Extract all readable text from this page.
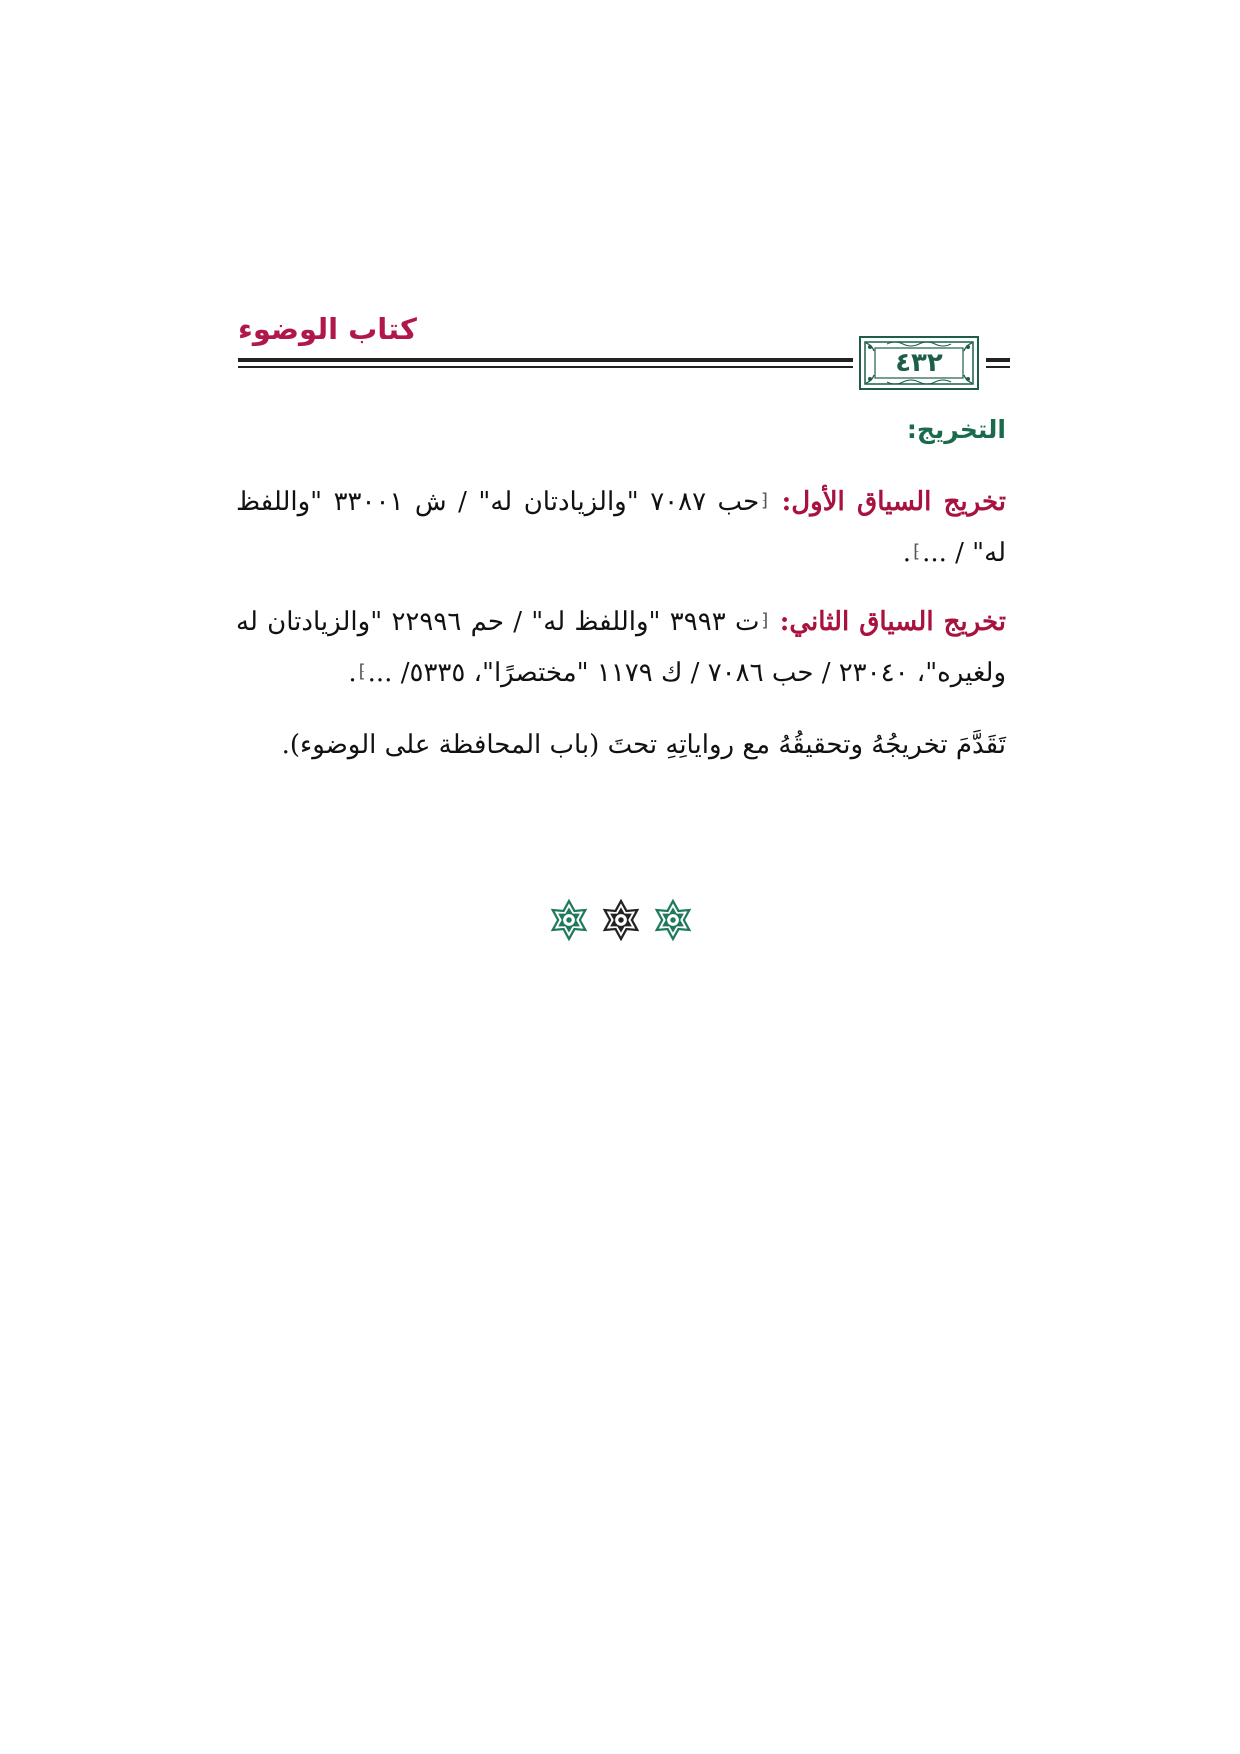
كتاب الوضوء
٤٣٢
التخريج:

تخريج السياق الأول: ⁅حب ٧٠٨٧ "والزيادتان له" / ش ٣٣٠٠١ "واللفظ له" / ...⁆.

تخريج السياق الثاني: ⁅ت ٣٩٩٣ "واللفظ له" / حم ٢٢٩٩٦ "والزيادتان له ولغيره"، ٢٣٠٤٠ / حب ٧٠٨٦ / ك ١١٧٩ "مختصرًا"، ٥٣٣٥/ ...⁆.

تَقَدَّمَ تخريجُهُ وتحقيقُهُ مع رواياتِهِ تحتَ (باب المحافظة على الوضوء).
